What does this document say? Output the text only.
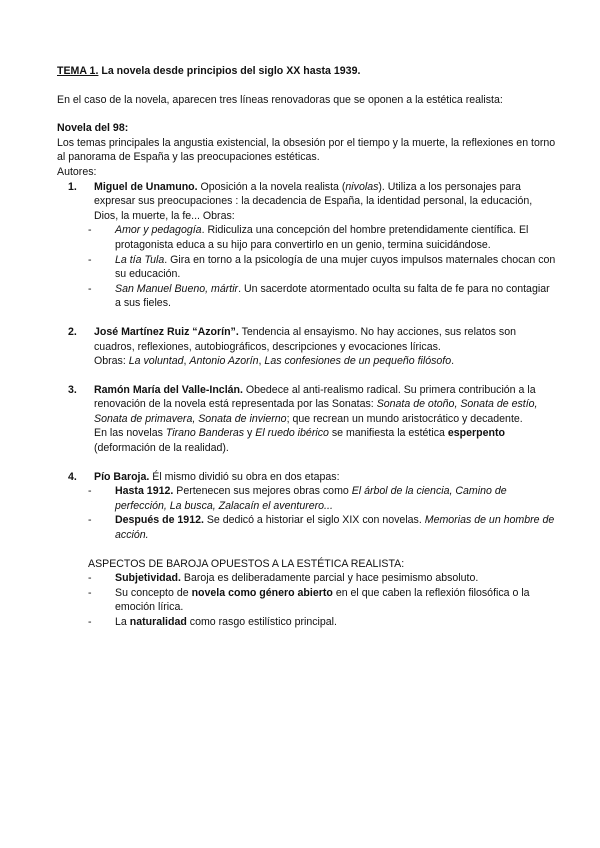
TEMA 1. La novela desde principios del siglo XX hasta 1939.

En el caso de la novela, aparecen tres líneas renovadoras que se oponen a la estética realista:

Novela del 98:

Los temas principales la angustia existencial, la obsesión por el tiempo y la muerte, la reflexiones en torno al panorama de España y las preocupaciones estéticas.

Autores:

1.	Miguel de Unamuno. Oposición a la novela realista (nivolas). Utiliza a los personajes para expresar sus preocupaciones : la decadencia de España, la identidad personal, la educación, Dios, la muerte, la fe... Obras:

-	Amor y pedagogía. Ridiculiza una concepción del hombre pretendidamente científica. El protagonista educa a su hijo para convertirlo en un genio, termina suicidándose.

-	La tía Tula. Gira en torno a la psicología de una mujer cuyos impulsos maternales chocan con su educación.

-	San Manuel Bueno, mártir. Un sacerdote atormentado oculta su falta de fe para no contagiar a sus fieles.

2.	José Martínez Ruiz “Azorín”. Tendencia al ensayismo. No hay acciones, sus relatos son cuadros, reflexiones, autobiográficos, descripciones y evocaciones líricas.

Obras: La voluntad, Antonio Azorín, Las confesiones de un pequeño filósofo.

3.	Ramón María del Valle-Inclán. Obedece al anti-realismo radical. Su primera contribución a la renovación de la novela está representada por las Sonatas: Sonata de otoño, Sonata de estío, Sonata de primavera, Sonata de invierno; que recrean un mundo aristocrático y decadente.

En las novelas Tirano Banderas y El ruedo ibérico se manifiesta la estética esperpento (deformación de la realidad).

4.	Pío Baroja. Él mismo dividió su obra en dos etapas:

-	Hasta 1912. Pertenecen sus mejores obras como El árbol de la ciencia, Camino de perfección, La busca, Zalacaín el aventurero...

-	Después de 1912. Se dedicó a historiar el siglo XIX con novelas. Memorias de un hombre de acción.

ASPECTOS DE BAROJA OPUESTOS A LA ESTÉTICA REALISTA:

-	Subjetividad. Baroja es deliberadamente parcial y hace pesimismo absoluto.

-	Su concepto de novela como género abierto en el que caben la reflexión filosófica o la emoción lírica.

-	La naturalidad como rasgo estilístico principal.
